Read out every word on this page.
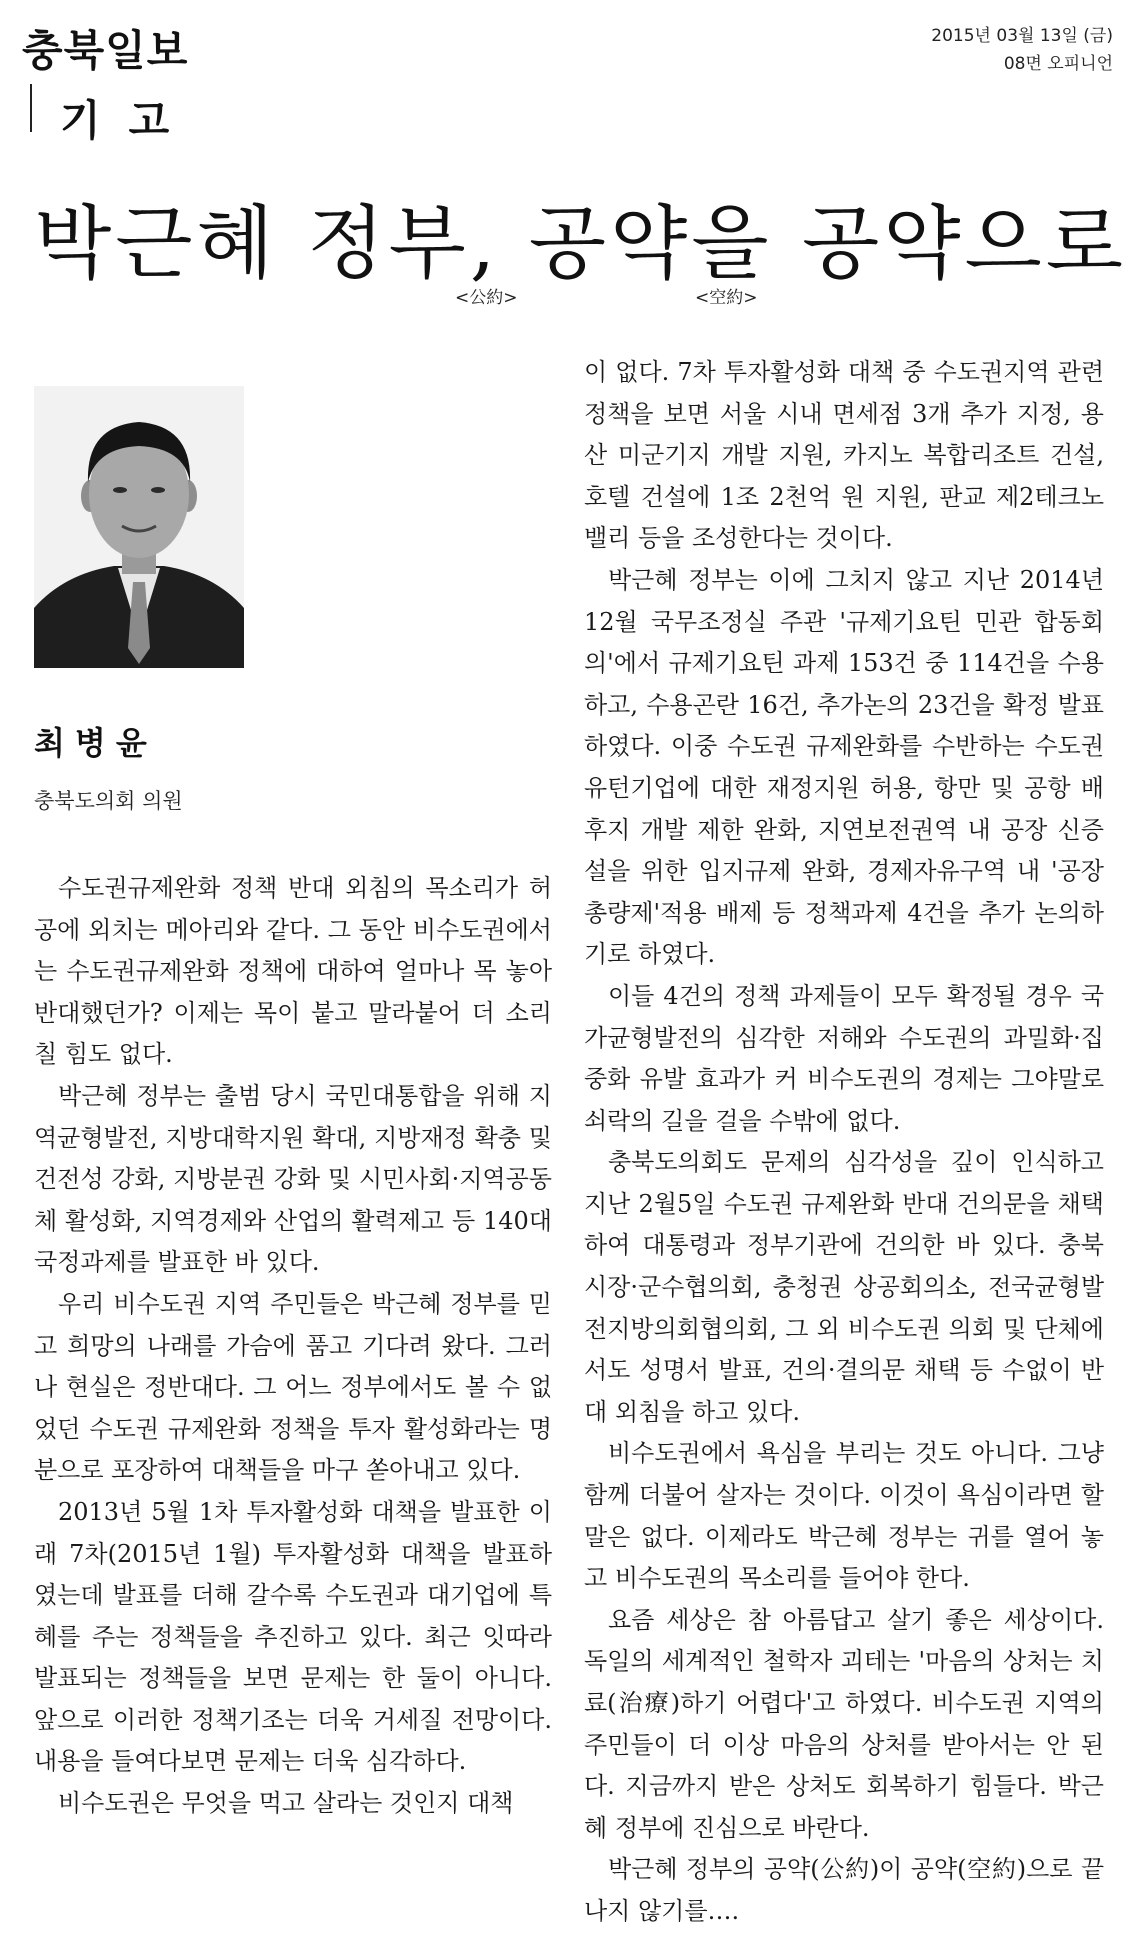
충북일보	2015년 03월 13일 (금)
08면 오피니언
기고
박근혜 정부, 공약을 공약으로
<公約>	<空約>
최병윤
충북도의회 의원

수도권규제완화 정책 반대 외침의 목소리가 허공에 외치는 메아리와 같다. 그 동안 비수도권에서는 수도권규제완화 정책에 대하여 얼마나 목 놓아 반대했던가? 이제는 목이 붙고 말라붙어 더 소리칠 힘도 없다.

박근혜 정부는 출범 당시 국민대통합을 위해 지역균형발전, 지방대학지원 확대, 지방재정 확충 및 건전성 강화, 지방분권 강화 및 시민사회·지역공동체 활성화, 지역경제와 산업의 활력제고 등 140대 국정과제를 발표한 바 있다.

우리 비수도권 지역 주민들은 박근혜 정부를 믿고 희망의 나래를 가슴에 품고 기다려 왔다. 그러나 현실은 정반대다. 그 어느 정부에서도 볼 수 없었던 수도권 규제완화 정책을 투자 활성화라는 명분으로 포장하여 대책들을 마구 쏟아내고 있다.

2013년 5월 1차 투자활성화 대책을 발표한 이래 7차(2015년 1월) 투자활성화 대책을 발표하였는데 발표를 더해 갈수록 수도권과 대기업에 특혜를 주는 정책들을 추진하고 있다. 최근 잇따라 발표되는 정책들을 보면 문제는 한 둘이 아니다. 앞으로 이러한 정책기조는 더욱 거세질 전망이다. 내용을 들여다보면 문제는 더욱 심각하다.

비수도권은 무엇을 먹고 살라는 것인지 대책

이 없다. 7차 투자활성화 대책 중 수도권지역 관련 정책을 보면 서울 시내 면세점 3개 추가 지정, 용산 미군기지 개발 지원, 카지노 복합리조트 건설, 호텔 건설에 1조 2천억 원 지원, 판교 제2테크노밸리 등을 조성한다는 것이다.

박근혜 정부는 이에 그치지 않고 지난 2014년 12월 국무조정실 주관 '규제기요틴 민관 합동회의'에서 규제기요틴 과제 153건 중 114건을 수용하고, 수용곤란 16건, 추가논의 23건을 확정 발표하였다. 이중 수도권 규제완화를 수반하는 수도권 유턴기업에 대한 재정지원 허용, 항만 및 공항 배후지 개발 제한 완화, 지연보전권역 내 공장 신증설을 위한 입지규제 완화, 경제자유구역 내 '공장총량제'적용 배제 등 정책과제 4건을 추가 논의하기로 하였다.

이들 4건의 정책 과제들이 모두 확정될 경우 국가균형발전의 심각한 저해와 수도권의 과밀화·집중화 유발 효과가 커 비수도권의 경제는 그야말로 쇠락의 길을 걸을 수밖에 없다.

충북도의회도 문제의 심각성을 깊이 인식하고 지난 2월5일 수도권 규제완화 반대 건의문을 채택하여 대통령과 정부기관에 건의한 바 있다. 충북 시장·군수협의회, 충청권 상공회의소, 전국균형발전지방의회협의회, 그 외 비수도권 의회 및 단체에서도 성명서 발표, 건의·결의문 채택 등 수없이 반대 외침을 하고 있다.

비수도권에서 욕심을 부리는 것도 아니다. 그냥 함께 더불어 살자는 것이다. 이것이 욕심이라면 할 말은 없다. 이제라도 박근혜 정부는 귀를 열어 놓고 비수도권의 목소리를 들어야 한다.

요즘 세상은 참 아름답고 살기 좋은 세상이다. 독일의 세계적인 철학자 괴테는 '마음의 상처는 치료(治療)하기 어렵다'고 하였다. 비수도권 지역의 주민들이 더 이상 마음의 상처를 받아서는 안 된다. 지금까지 받은 상처도 회복하기 힘들다. 박근혜 정부에 진심으로 바란다.

박근혜 정부의 공약(公約)이 공약(空約)으로 끝나지 않기를….
